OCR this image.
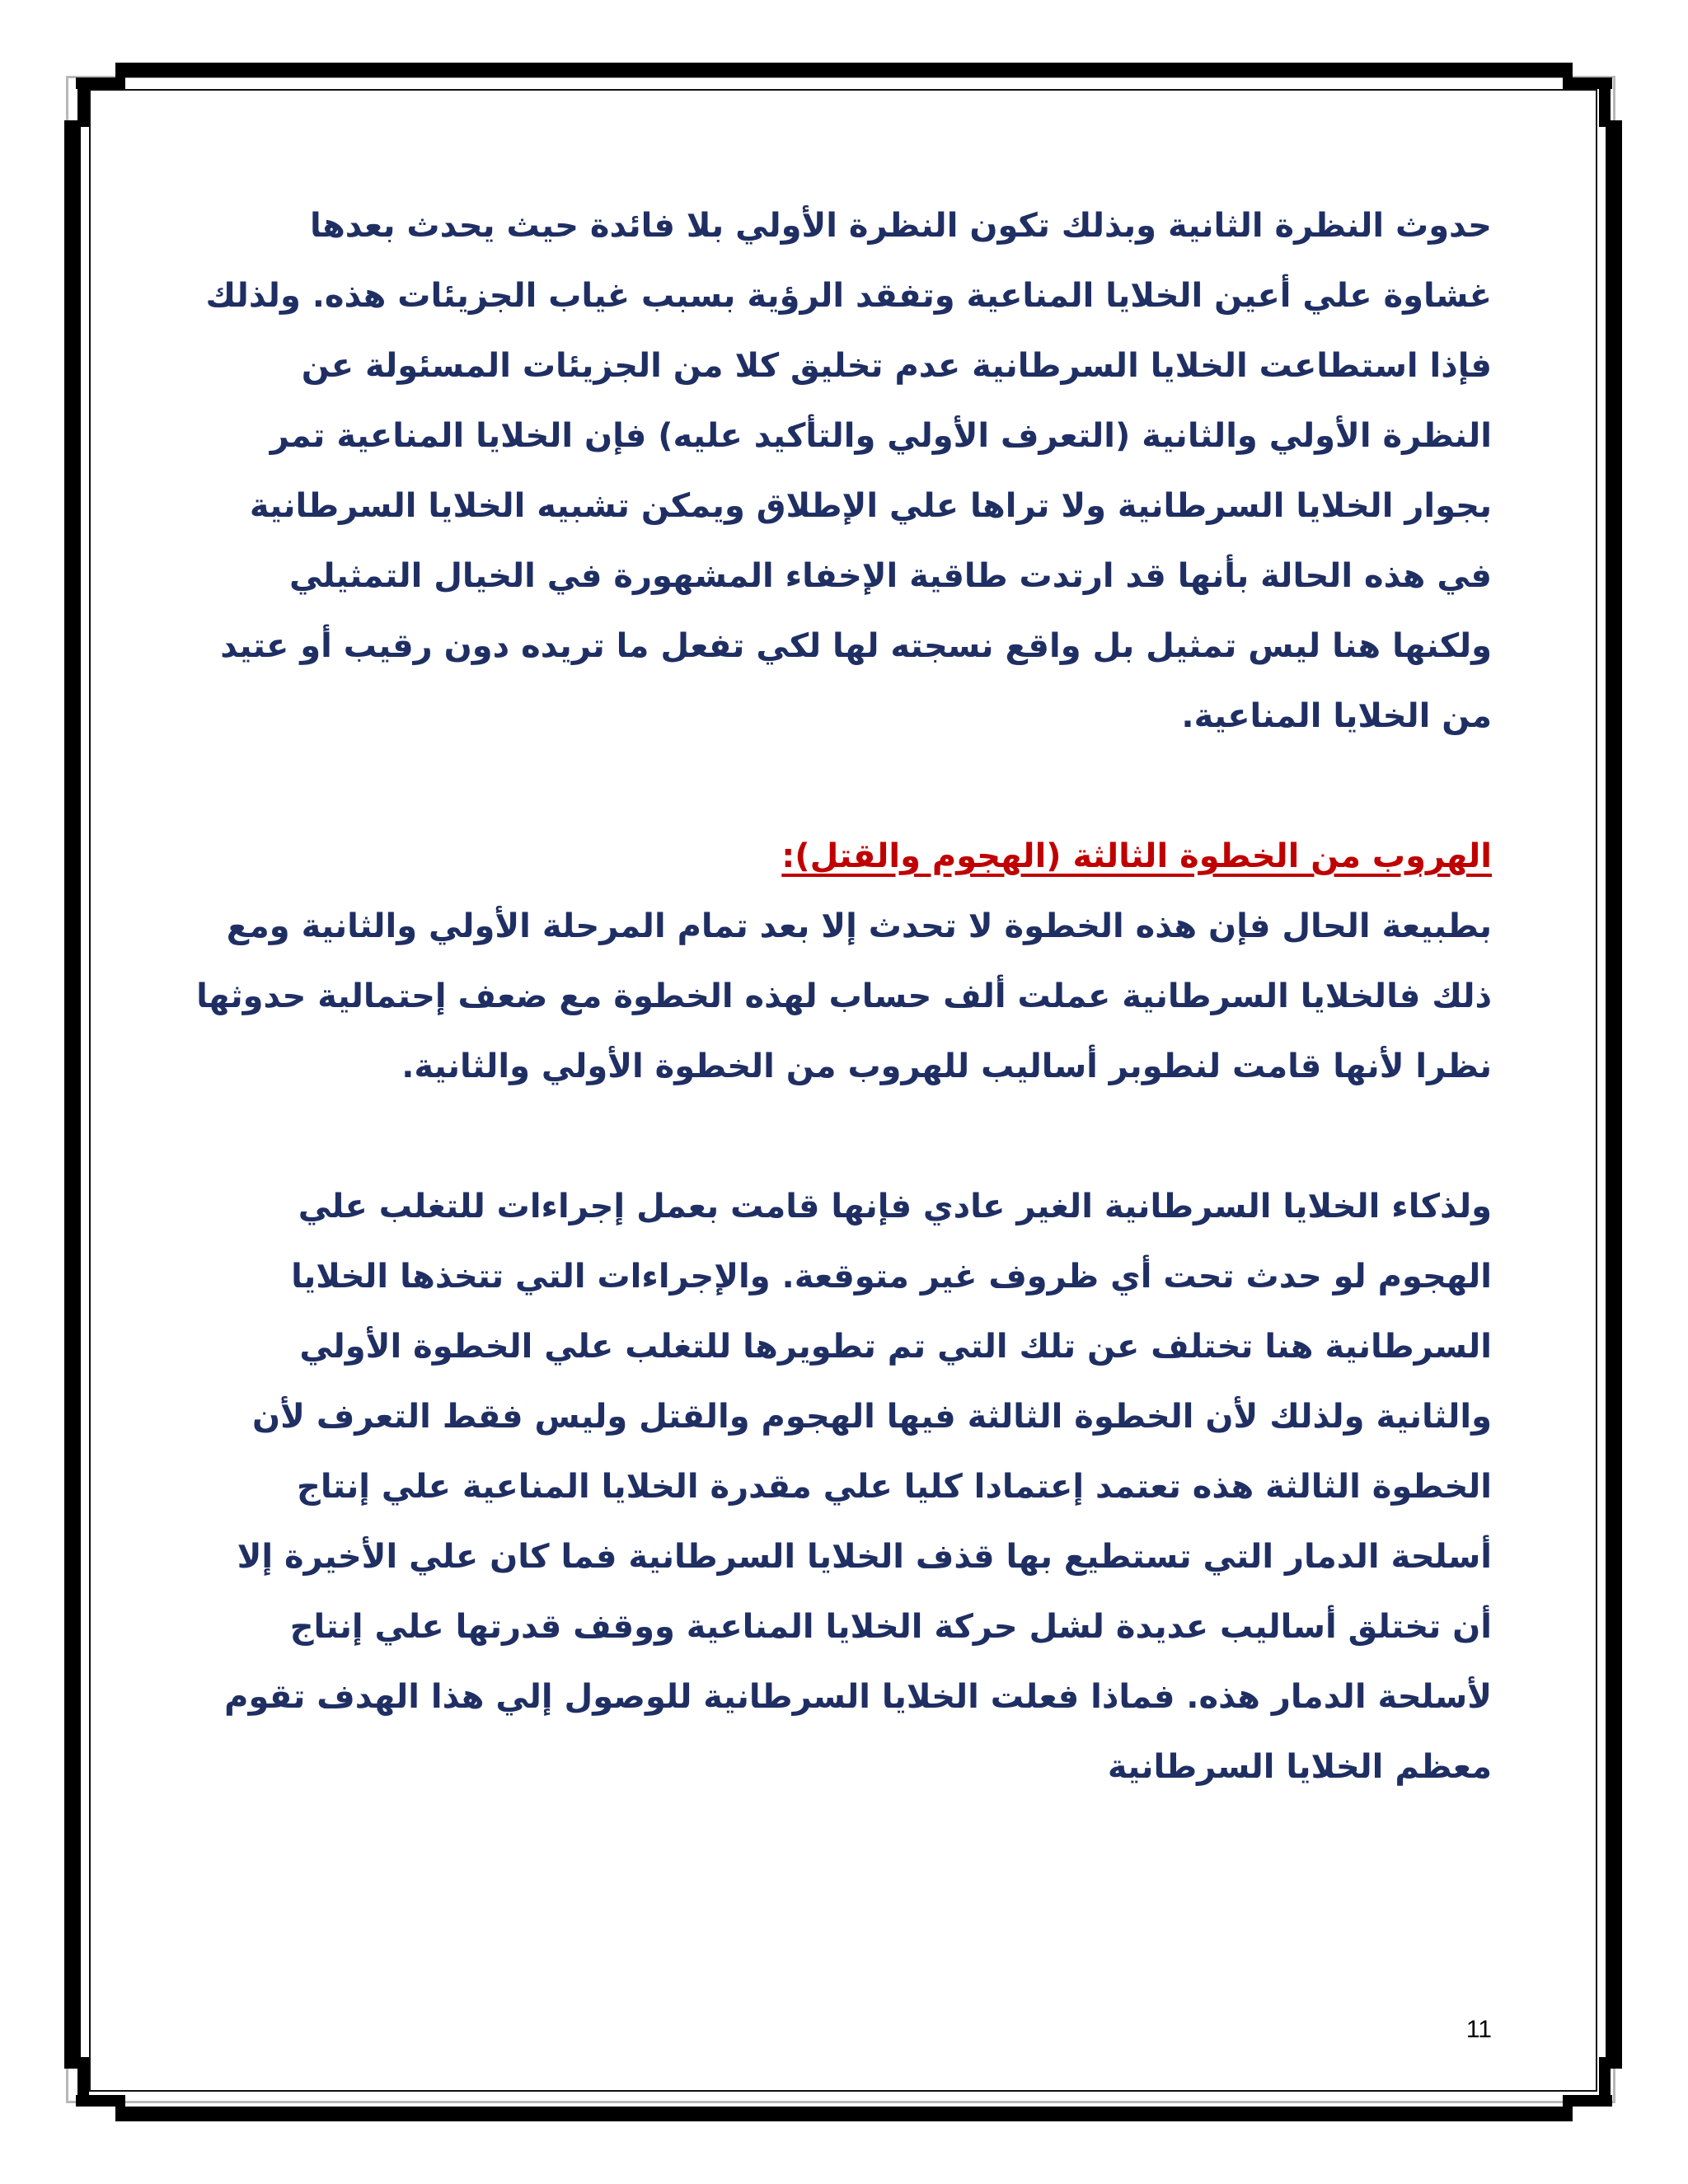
حدوث النظرة الثانية وبذلك تكون النظرة الأولي بلا فائدة حيث يحدث بعدها غشاوة علي أعين الخلايا المناعية وتفقد الرؤية بسبب غياب الجزيئات هذه. ولذلك فإذا استطاعت الخلايا السرطانية عدم تخليق كلا من الجزيئات المسئولة عن النظرة الأولي والثانية (التعرف الأولي والتأكيد عليه) فإن الخلايا المناعية تمر بجوار الخلايا السرطانية ولا تراها علي الإطلاق ويمكن تشبيه الخلايا السرطانية في هذه الحالة بأنها قد ارتدت طاقية الإخفاء المشهورة في الخيال التمثيلي ولكنها هنا ليس تمثيل بل واقع نسجته لها لكي تفعل ما تريده دون رقيب أو عتيد من الخلايا المناعية.

الهروب من الخطوة الثالثة (الهجوم والقتل):

بطبيعة الحال فإن هذه الخطوة لا تحدث إلا بعد تمام المرحلة الأولي والثانية ومع ذلك فالخلايا السرطانية عملت ألف حساب لهذه الخطوة مع ضعف إحتمالية حدوثها نظرا لأنها قامت لنطوبر أساليب للهروب من الخطوة الأولي والثانية.

ولذكاء الخلايا السرطانية الغير عادي فإنها قامت بعمل إجراءات للتغلب علي الهجوم لو حدث تحت أي ظروف غير متوقعة. والإجراءات التي تتخذها الخلايا السرطانية هنا تختلف عن تلك التي تم تطويرها للتغلب علي الخطوة الأولي والثانية ولذلك لأن الخطوة الثالثة فيها الهجوم والقتل وليس فقط التعرف لأن الخطوة الثالثة هذه تعتمد إعتمادا كليا علي مقدرة الخلايا المناعية علي إنتاج أسلحة الدمار التي تستطيع بها قذف الخلايا السرطانية فما كان علي الأخيرة إلا أن تختلق أساليب عديدة لشل حركة الخلايا المناعية ووقف قدرتها علي إنتاج لأسلحة الدمار هذه. فماذا فعلت الخلايا السرطانية للوصول إلي هذا الهدف تقوم معظم الخلايا السرطانية

11
